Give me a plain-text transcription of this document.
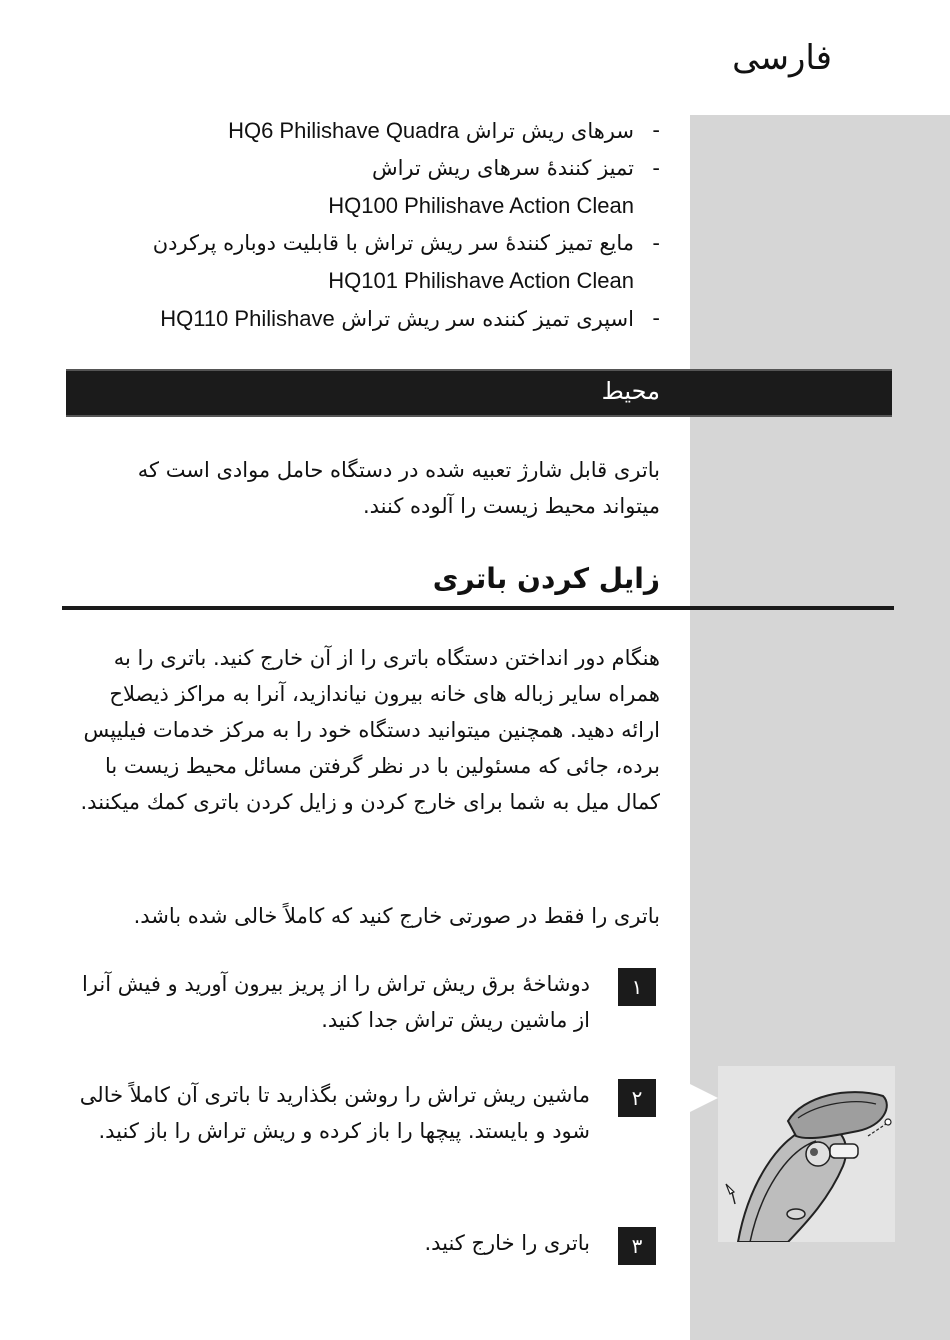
فارسی
-
سرهای ریش تراش HQ6 Philishave Quadra
-
تمیز کنندۀ سرهای ریش تراش
HQ100 Philishave Action Clean
-
مایع تمیز کنندۀ سر ریش تراش با قابلیت دوباره پرکردن
HQ101 Philishave Action Clean
-
اسپری تمیز کننده سر ریش تراش HQ110 Philishave
محیط

باتری قابل شارژ تعبیه شده در دستگاه حامل موادی است که میتواند محیط زیست را آلوده کنند.

زایل کردن باتری

هنگام دور انداختن دستگاه باتری را از آن خارج کنید. باتری را به همراه سایر زباله های خانه بیرون نیاندازید، آنرا به مراکز ذیصلاح ارائه دهید. همچنین میتوانید دستگاه خود را به مرکز خدمات فیلیپس برده، جائی که مسئولین با در نظر گرفتن مسائل محیط زیست با کمال میل به شما برای خارج کردن و زایل کردن باتری کمك میکنند.

باتری را فقط در صورتی خارج کنید که کاملاً خالی شده باشد.

١

دوشاخۀ برق ریش تراش را از پریز بیرون آورید و فیش آنرا از ماشین ریش تراش جدا کنید.

٢

ماشین ریش تراش را روشن بگذارید تا باتری آن کاملاً خالی شود و بایستد. پیچها را باز کرده و ریش تراش را باز کنید.

٣

باتری را خارج کنید.
